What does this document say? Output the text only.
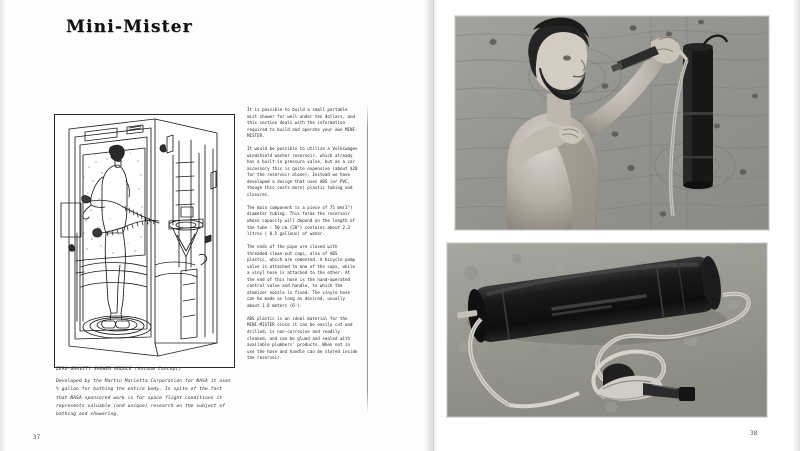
Mini-Mister
ZERO-GRAVITY SHOWER MODULE (Vacuum Concept)
Developed by the Martin Marietta Corporation for NASA it uses ½ gallon for bathing the entire body. In spite of the fact that NASA-sponsored work is for space flight conditions it represents valuable (and unique) research on the subject of bathing and showering.

It is possible to build a small portable mist shower for well under ten dollars, and this section deals with the information required to build and operate your own MINI-MISTER.

It would be possible to utilize a Volkswagen windshield washer reservoir, which already has a built-in pressure valve, but as a car accessory this is quite expensive (about $20 for the reservoir alone). Instead we have developed a design that uses ABS (or PVC, though this costs more) plastic tubing and closures.

The main component is a piece of 75 mm(3") diameter tubing. This forms the reservoir whose capacity will depend on the length of the tube : 50 cm (20") contains about 2.3 litres ( 0.5 gallons) of water.

The ends of the pipe are closed with threaded clean-out caps, also of ABS plastic, which are cemented. A bicycle pump valve is attached to one of the caps, while a vinyl hose is attached to the other. At the end of this hose is the hand-operated control valve and handle, to which the atomizer nozzle is fixed. The vinyle hose can be made as long as desired, usually about 1.8 meters (6').

ABS plastic is an ideal material for the MINI-MISTER since it can be easily cut and drilled, is non-corrosive and readily cleaned, and can be glued and sealed with available plumbers' products. When not in use the hose and handle can be stored inside the reservoir.

37
38
